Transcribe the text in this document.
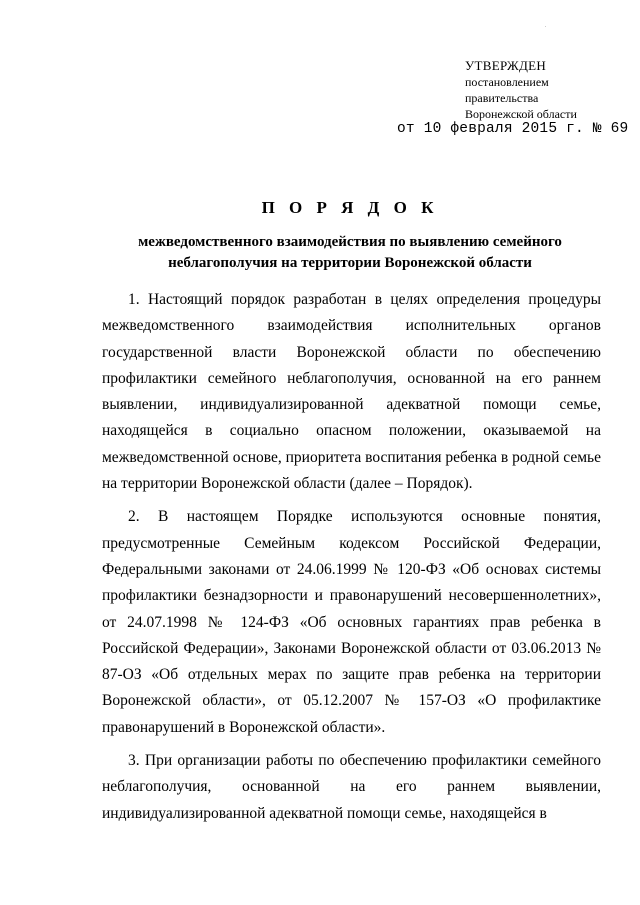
УТВЕРЖДЕН
постановлением
правительства
Воронежской области
от 10 февраля 2015 г. № 69
П О Р Я Д О К
межведомственного взаимодействия по выявлению семейного
неблагополучия на территории Воронежской области

1. Настоящий порядок разработан в целях определения процедуры межведомственного взаимодействия исполнительных органов государственной власти Воронежской области по обеспечению профилактики семейного неблагополучия, основанной на его раннем выявлении, индивидуализированной адекватной помощи семье, находящейся в социально опасном положении, оказываемой на межведомственной основе, приоритета воспитания ребенка в родной семье на территории Воронежской области (далее – Порядок).

2. В настоящем Порядке используются основные понятия, предусмотренные Семейным кодексом Российской Федерации, Федеральными законами от 24.06.1999 № 120-ФЗ «Об основах системы профилактики безнадзорности и правонарушений несовершеннолетних», от 24.07.1998 № 124-ФЗ «Об основных гарантиях прав ребенка в Российской Федерации», Законами Воронежской области от 03.06.2013 № 87-ОЗ «Об отдельных мерах по защите прав ребенка на территории Воронежской области», от 05.12.2007 № 157-ОЗ «О профилактике правонарушений в Воронежской области».

3. При организации работы по обеспечению профилактики семейного неблагополучия, основанной на его раннем выявлении, индивидуализированной адекватной помощи семье, находящейся в
